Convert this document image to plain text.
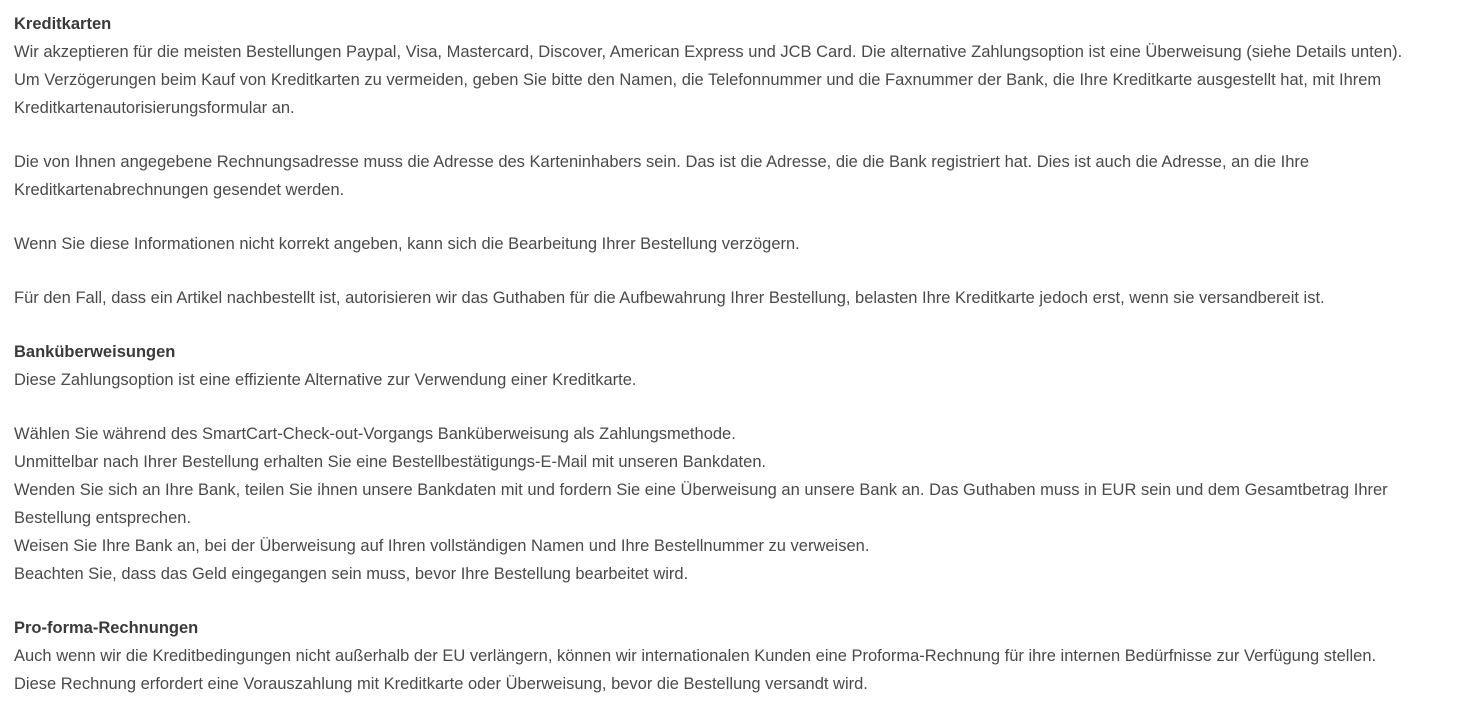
Kreditkarten

Wir akzeptieren für die meisten Bestellungen Paypal, Visa, Mastercard, Discover, American Express und JCB Card. Die alternative Zahlungsoption ist eine Überweisung (siehe Details unten).

Um Verzögerungen beim Kauf von Kreditkarten zu vermeiden, geben Sie bitte den Namen, die Telefonnummer und die Faxnummer der Bank, die Ihre Kreditkarte ausgestellt hat, mit Ihrem

Kreditkartenautorisierungsformular an.

Die von Ihnen angegebene Rechnungsadresse muss die Adresse des Karteninhabers sein. Das ist die Adresse, die die Bank registriert hat. Dies ist auch die Adresse, an die Ihre

Kreditkartenabrechnungen gesendet werden.

Wenn Sie diese Informationen nicht korrekt angeben, kann sich die Bearbeitung Ihrer Bestellung verzögern.

Für den Fall, dass ein Artikel nachbestellt ist, autorisieren wir das Guthaben für die Aufbewahrung Ihrer Bestellung, belasten Ihre Kreditkarte jedoch erst, wenn sie versandbereit ist.

Banküberweisungen

Diese Zahlungsoption ist eine effiziente Alternative zur Verwendung einer Kreditkarte.

Wählen Sie während des SmartCart-Check-out-Vorgangs Banküberweisung als Zahlungsmethode.

Unmittelbar nach Ihrer Bestellung erhalten Sie eine Bestellbestätigungs-E-Mail mit unseren Bankdaten.

Wenden Sie sich an Ihre Bank, teilen Sie ihnen unsere Bankdaten mit und fordern Sie eine Überweisung an unsere Bank an. Das Guthaben muss in EUR sein und dem Gesamtbetrag Ihrer

Bestellung entsprechen.

Weisen Sie Ihre Bank an, bei der Überweisung auf Ihren vollständigen Namen und Ihre Bestellnummer zu verweisen.

Beachten Sie, dass das Geld eingegangen sein muss, bevor Ihre Bestellung bearbeitet wird.

Pro-forma-Rechnungen

Auch wenn wir die Kreditbedingungen nicht außerhalb der EU verlängern, können wir internationalen Kunden eine Proforma-Rechnung für ihre internen Bedürfnisse zur Verfügung stellen.

Diese Rechnung erfordert eine Vorauszahlung mit Kreditkarte oder Überweisung, bevor die Bestellung versandt wird.
